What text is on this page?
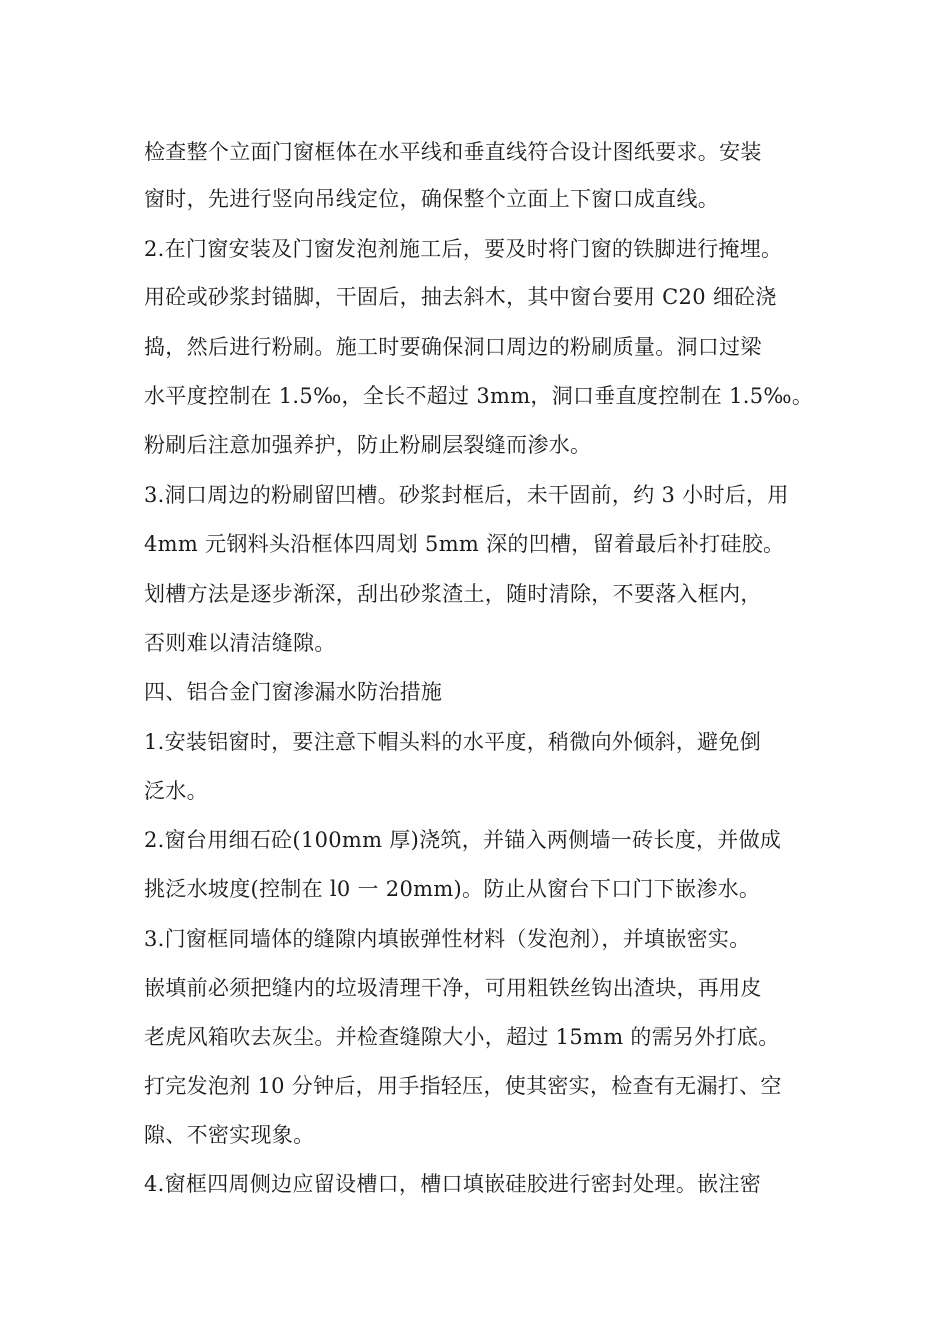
检查整个立面门窗框体在水平线和垂直线符合设计图纸要求。安装
窗时，先进行竖向吊线定位，确保整个立面上下窗口成直线。
2.在门窗安装及门窗发泡剂施工后，要及时将门窗的铁脚进行掩埋。
用砼或砂浆封锚脚，干固后，抽去斜木，其中窗台要用 C20 细砼浇
捣，然后进行粉刷。施工时要确保洞口周边的粉刷质量。洞口过梁
水平度控制在 1.5‰，全长不超过 3mm，洞口垂直度控制在 1.5‰。
粉刷后注意加强养护，防止粉刷层裂缝而渗水。
3.洞口周边的粉刷留凹槽。砂浆封框后，未干固前，约 3 小时后，用
4mm 元钢料头沿框体四周划 5mm 深的凹槽，留着最后补打硅胶。
划槽方法是逐步渐深，刮出砂浆渣土，随时清除，不要落入框内，
否则难以清洁缝隙。
四、铝合金门窗渗漏水防治措施
1.安装铝窗时，要注意下帽头料的水平度，稍微向外倾斜，避免倒
泛水。
2.窗台用细石砼(100mm 厚)浇筑，并锚入两侧墙一砖长度，并做成
挑泛水坡度(控制在 l0 一 20mm)。防止从窗台下口门下嵌渗水。
3.门窗框同墙体的缝隙内填嵌弹性材料（发泡剂），并填嵌密实。
嵌填前必须把缝内的垃圾清理干净，可用粗铁丝钩出渣块，再用皮
老虎风箱吹去灰尘。并检查缝隙大小，超过 15mm 的需另外打底。
打完发泡剂 10 分钟后，用手指轻压，使其密实，检查有无漏打、空
隙、不密实现象。
4.窗框四周侧边应留设槽口，槽口填嵌硅胶进行密封处理。嵌注密
